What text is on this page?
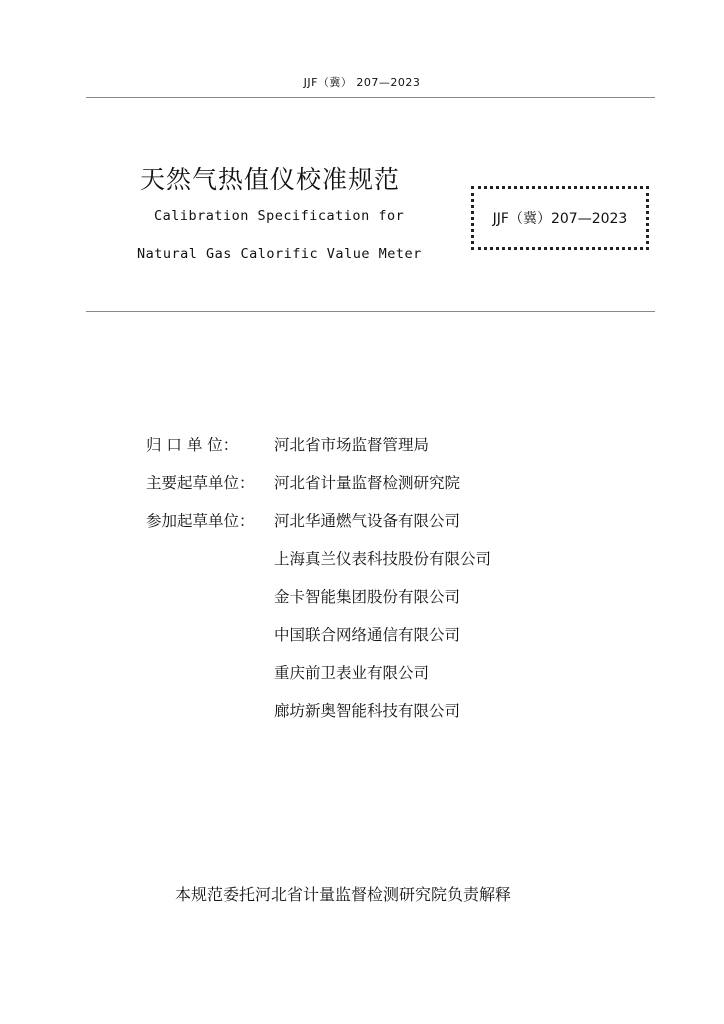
JJF（冀） 207—2023
天然气热值仪校准规范
Calibration Specification for
Natural Gas Calorific Value Meter
JJF（冀）207—2023
归 口 单 位：	河北省市场监督管理局
主要起草单位：	河北省计量监督检测研究院
参加起草单位：	河北华通燃气设备有限公司
上海真兰仪表科技股份有限公司
金卡智能集团股份有限公司
中国联合网络通信有限公司
重庆前卫表业有限公司
廊坊新奥智能科技有限公司
本规范委托河北省计量监督检测研究院负责解释
